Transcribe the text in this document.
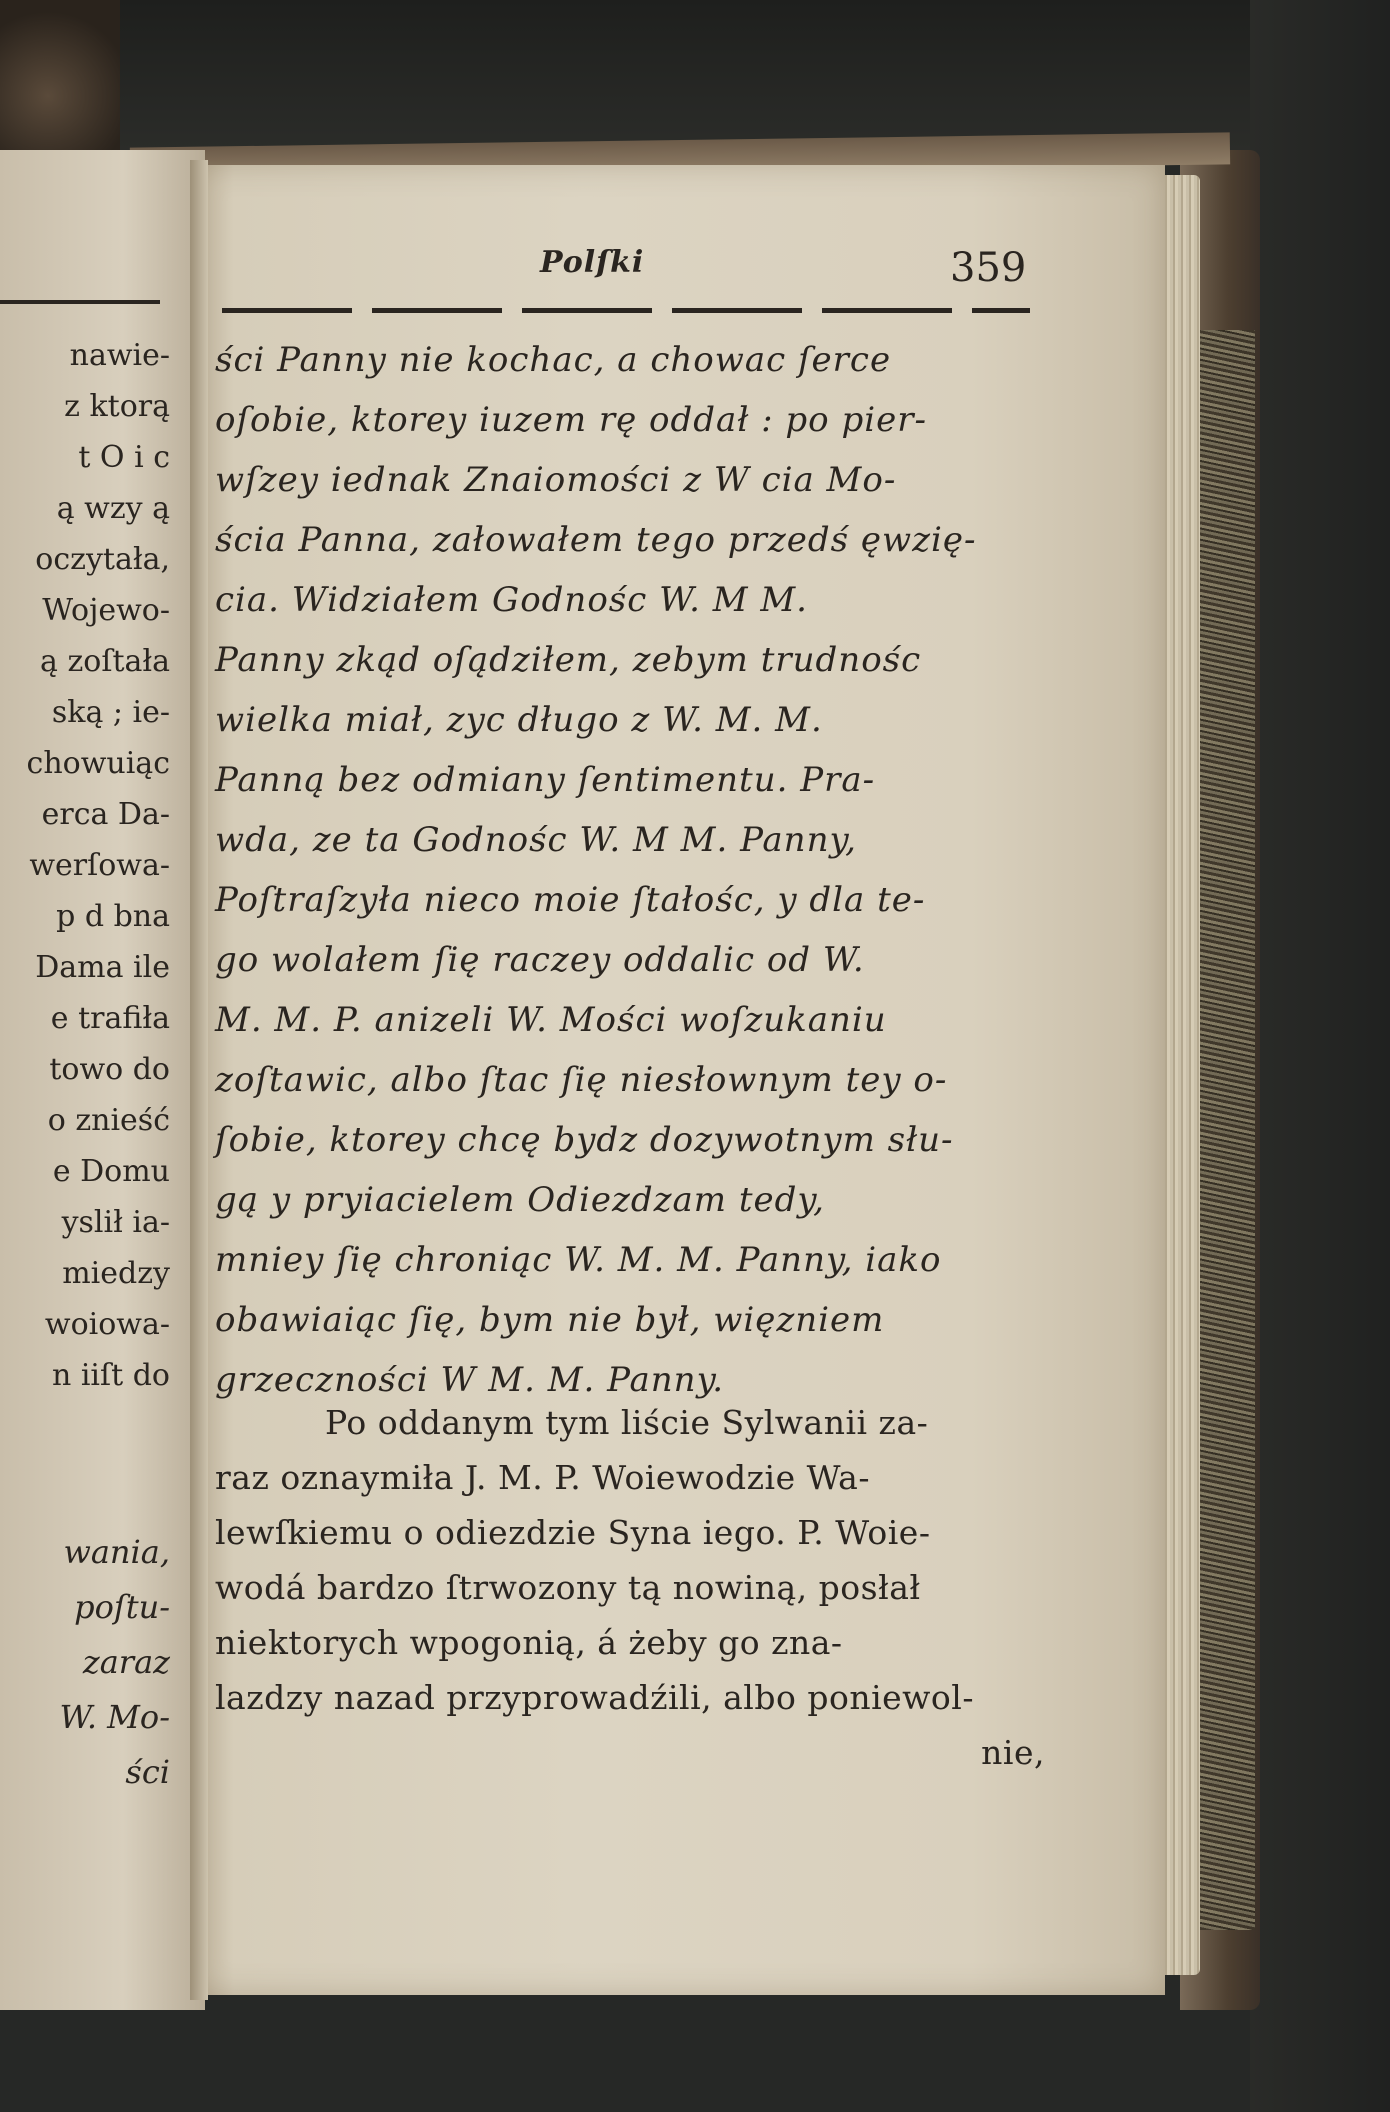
nawie-
z ktorą
t O i c
ą wzy ą
oczytała,
Wojewo-
ą zoſtała
ską ; ie-
chowuiąc
erca Da-
werſowa-
p d bna
Dama ile
e trafiła
towo do
o znieść
e Domu
yslił ia-
miedzy
woiowa-
n iiſt do
wania,
poſtu-
zaraz
W. Mo-
ści
Polſki	359
ści Panny nie kochac, a chowac ſerce
oſobie, ktorey iuzem rę oddał : po pier-
wſzey iednak Znaiomości z W cia Mo-
ścia Panna, załowałem tego przedś ęwzię-
cia. Widziałem Godnośc W. M M.
Panny zkąd oſądziłem, zebym trudnośc
wielka miał, zyc długo z W. M. M.
Panną bez odmiany ſentimentu. Pra-
wda, ze ta Godnośc W. M M. Panny,
Poſtraſzyła nieco moie ſtałośc, y dla te-
go wolałem ſię raczey oddalic od W.
M. M. P. anizeli W. Mości woſzukaniu
zoſtawic, albo ſtac ſię niesłownym tey o-
ſobie, ktorey chcę bydz dozywotnym słu-
gą y pryiacielem Odiezdzam tedy,
mniey ſię chroniąc W. M. M. Panny, iako
obawiaiąc ſię, bym nie był, więzniem
grzeczności W M. M. Panny.
Po oddanym tym liście Sylwanii za-
raz oznaymiła J. M. P. Woiewodzie Wa-
lewſkiemu o odiezdzie Syna iego. P. Woie-
wodá bardzo ſtrwozony tą nowiną, posłał
niektorych wpogonią, á żeby go zna-
lazdzy nazad przyprowadźili, albo poniewol-
nie,
